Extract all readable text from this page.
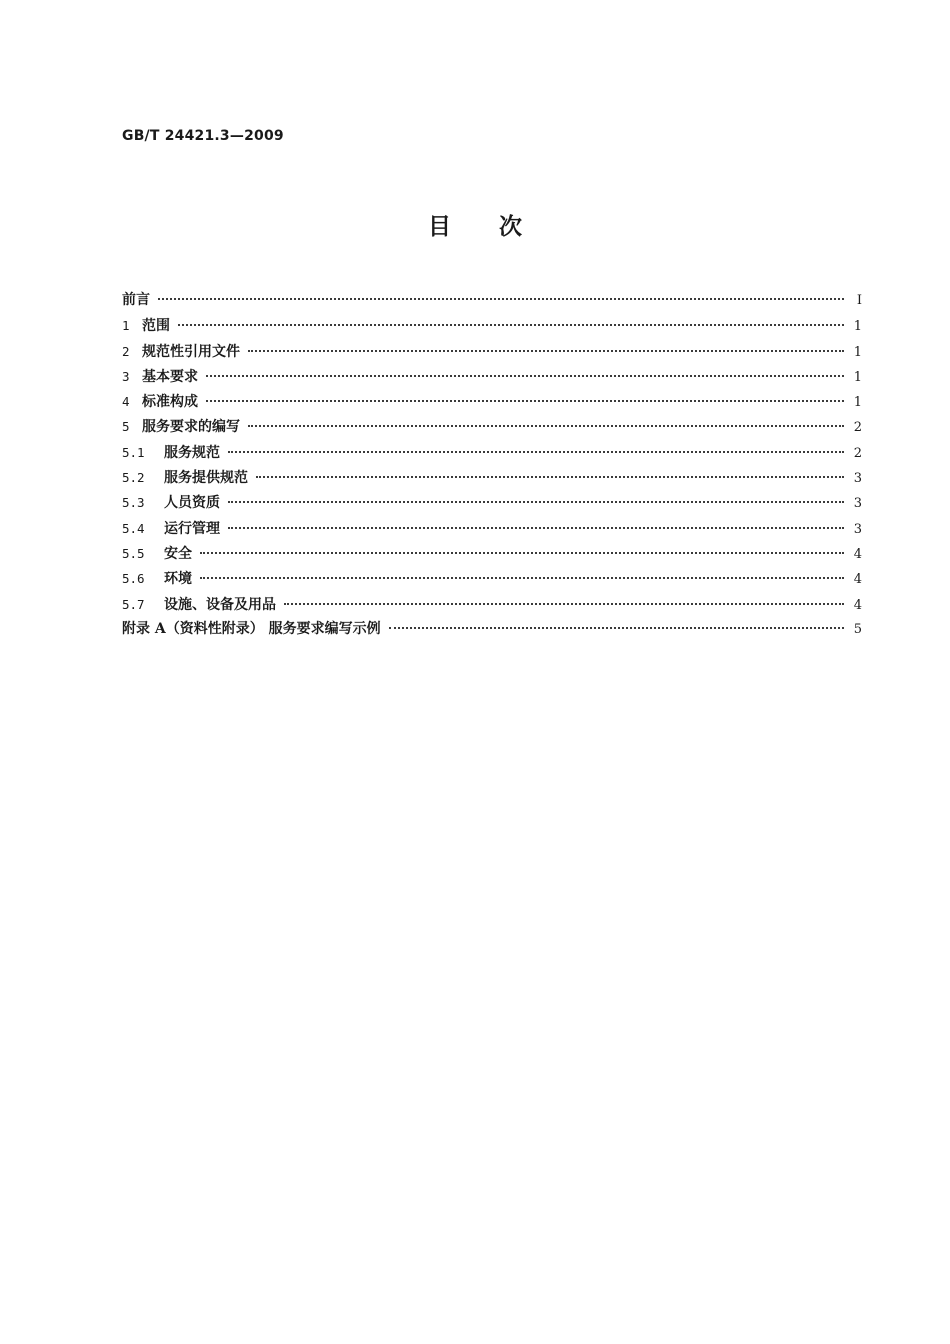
GB/T 24421.3—2009
目次
前言	Ⅰ
1 范围	1
2 规范性引用文件	1
3 基本要求	1
4 标准构成	1
5 服务要求的编写	2
5.1	服务规范	2
5.2	服务提供规范	3
5.3	人员资质	3
5.4	运行管理	3
5.5	安全	4
5.6	环境	4
5.7	设施、设备及用品	4
附录 A（资料性附录） 服务要求编写示例	5
